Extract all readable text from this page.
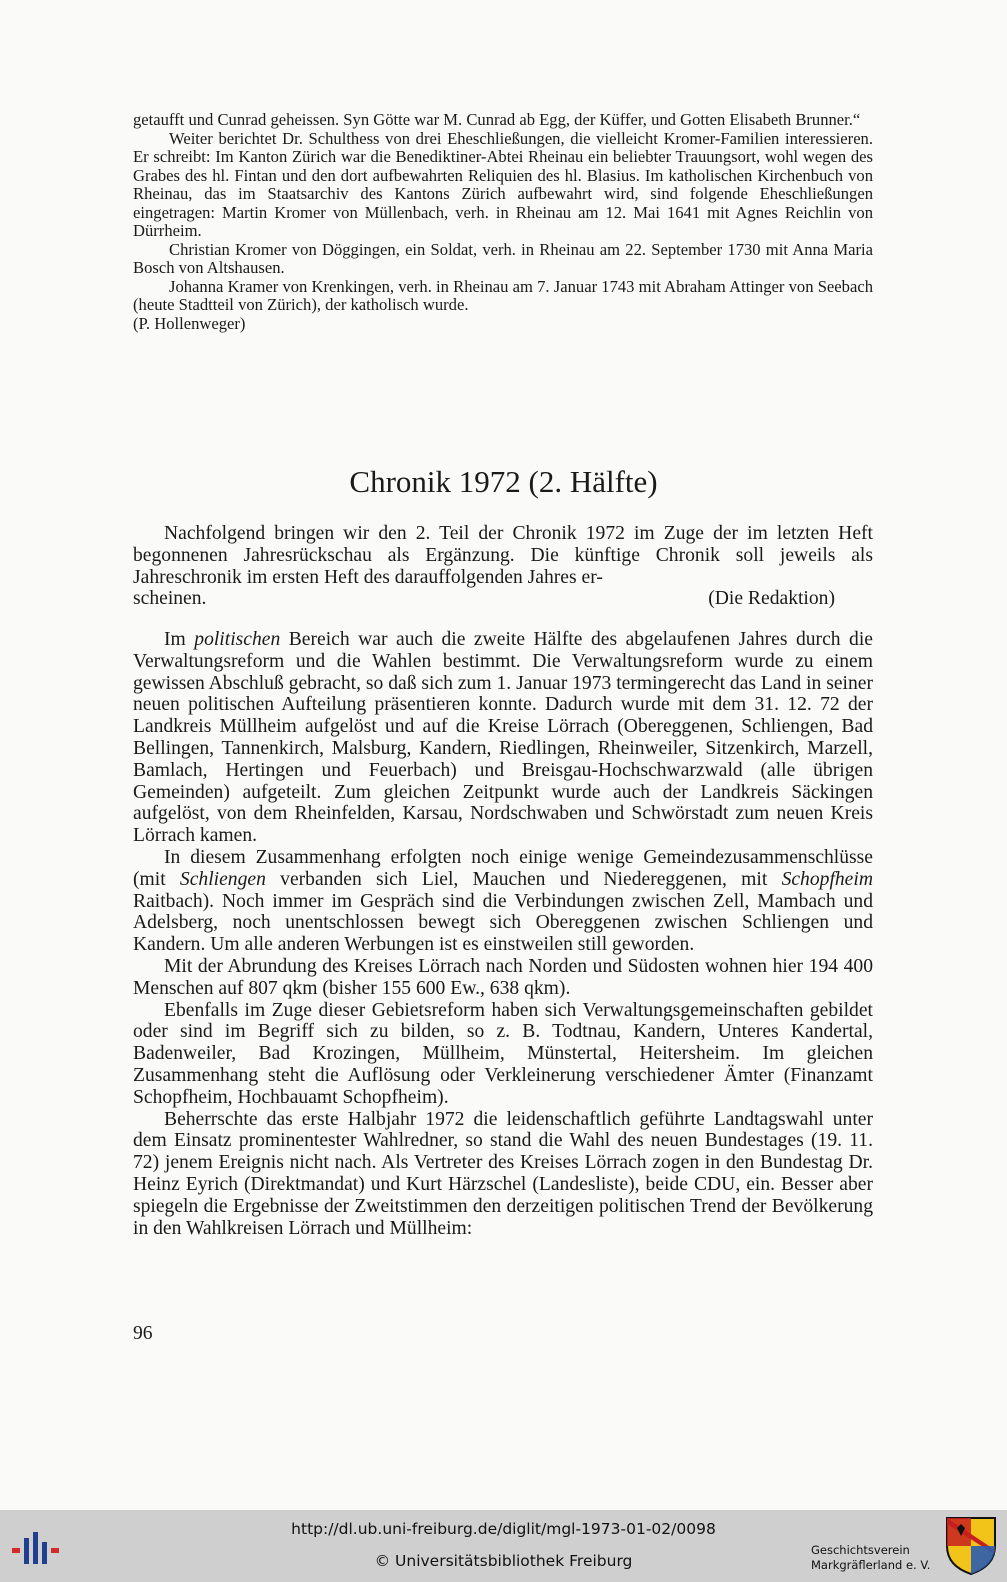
getaufft und Cunrad geheissen. Syn Götte war M. Cunrad ab Egg, der Küffer, und Gotten Elisabeth Brunner.“

Weiter berichtet Dr. Schulthess von drei Eheschließungen, die vielleicht Kromer-Familien interessieren. Er schreibt: Im Kanton Zürich war die Benediktiner-Abtei Rheinau ein beliebter Trauungsort, wohl wegen des Grabes des hl. Fintan und den dort aufbewahrten Reliquien des hl. Blasius. Im katholischen Kirchenbuch von Rheinau, das im Staatsarchiv des Kantons Zürich aufbewahrt wird, sind folgende Eheschließungen eingetragen: Martin Kromer von Müllenbach, verh. in Rheinau am 12. Mai 1641 mit Agnes Reichlin von Dürrheim.

Christian Kromer von Döggingen, ein Soldat, verh. in Rheinau am 22. September 1730 mit Anna Maria Bosch von Altshausen.

Johanna Kramer von Krenkingen, verh. in Rheinau am 7. Januar 1743 mit Abraham Attinger von Seebach (heute Stadtteil von Zürich), der katholisch wurde.

(P. Hollenweger)

Chronik 1972 (2. Hälfte)

Nachfolgend bringen wir den 2. Teil der Chronik 1972 im Zuge der im letzten Heft begonnenen Jahresrückschau als Ergänzung. Die künftige Chronik soll jeweils als Jahreschronik im ersten Heft des darauffolgenden Jahres er-

scheinen.	(Die Redaktion)

Im politischen Bereich war auch die zweite Hälfte des abgelaufenen Jahres durch die Verwaltungsreform und die Wahlen bestimmt. Die Verwaltungsreform wurde zu einem gewissen Abschluß gebracht, so daß sich zum 1. Januar 1973 termingerecht das Land in seiner neuen politischen Aufteilung präsentieren konnte. Dadurch wurde mit dem 31. 12. 72 der Landkreis Müllheim aufgelöst und auf die Kreise Lörrach (Obereggenen, Schliengen, Bad Bellingen, Tannenkirch, Malsburg, Kandern, Riedlingen, Rheinweiler, Sitzenkirch, Marzell, Bamlach, Hertingen und Feuerbach) und Breisgau-Hochschwarzwald (alle übrigen Gemeinden) aufgeteilt. Zum gleichen Zeitpunkt wurde auch der Landkreis Säckingen aufgelöst, von dem Rheinfelden, Karsau, Nordschwaben und Schwörstadt zum neuen Kreis Lörrach kamen.

In diesem Zusammenhang erfolgten noch einige wenige Gemeindezusammenschlüsse (mit Schliengen verbanden sich Liel, Mauchen und Niedereggenen, mit Schopfheim Raitbach). Noch immer im Gespräch sind die Verbindungen zwischen Zell, Mambach und Adelsberg, noch unentschlossen bewegt sich Obereggenen zwischen Schliengen und Kandern. Um alle anderen Werbungen ist es einstweilen still geworden.

Mit der Abrundung des Kreises Lörrach nach Norden und Südosten wohnen hier 194 400 Menschen auf 807 qkm (bisher 155 600 Ew., 638 qkm).

Ebenfalls im Zuge dieser Gebietsreform haben sich Verwaltungsgemeinschaften gebildet oder sind im Begriff sich zu bilden, so z. B. Todtnau, Kandern, Unteres Kandertal, Badenweiler, Bad Krozingen, Müllheim, Münstertal, Heitersheim. Im gleichen Zusammenhang steht die Auflösung oder Verkleinerung verschiedener Ämter (Finanzamt Schopfheim, Hochbauamt Schopfheim).

Beherrschte das erste Halbjahr 1972 die leidenschaftlich geführte Landtagswahl unter dem Einsatz prominentester Wahlredner, so stand die Wahl des neuen Bundestages (19. 11. 72) jenem Ereignis nicht nach. Als Vertreter des Kreises Lörrach zogen in den Bundestag Dr. Heinz Eyrich (Direktmandat) und Kurt Härzschel (Landesliste), beide CDU, ein. Besser aber spiegeln die Ergebnisse der Zweitstimmen den derzeitigen politischen Trend der Bevölkerung in den Wahlkreisen Lörrach und Müllheim:

96
http://dl.ub.uni-freiburg.de/diglit/mgl-1973-01-02/0098
© Universitätsbibliothek Freiburg
Geschichtsverein
Markgräflerland e. V.
